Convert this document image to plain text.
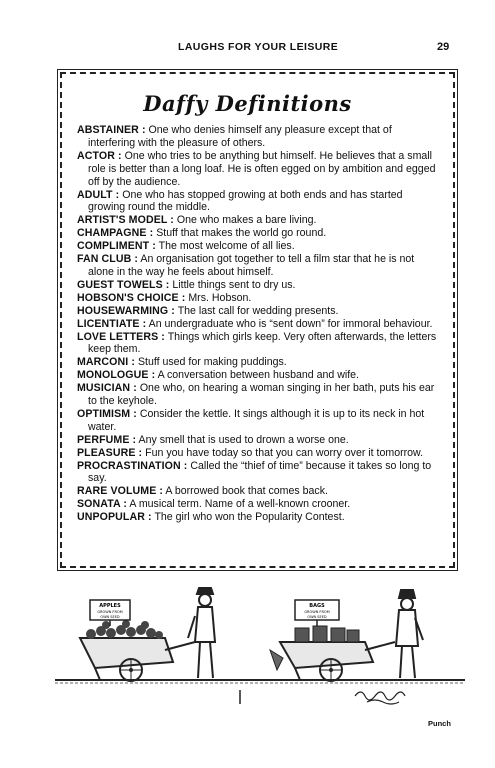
LAUGHS FOR YOUR LEISURE	29
Daffy Definitions

ABSTAINER : One who denies himself any pleasure except that of interfering with the pleasure of others.

ACTOR : One who tries to be anything but himself. He believes that a small role is better than a long loaf. He is often egged on by ambition and egged off by the audience.

ADULT : One who has stopped growing at both ends and has started growing round the middle.

ARTIST'S MODEL : One who makes a bare living.

CHAMPAGNE : Stuff that makes the world go round.

COMPLIMENT : The most welcome of all lies.

FAN CLUB : An organisation got together to tell a film star that he is not alone in the way he feels about himself.

GUEST TOWELS : Little things sent to dry us.

HOBSON'S CHOICE : Mrs. Hobson.

HOUSEWARMING : The last call for wedding presents.

LICENTIATE : An undergraduate who is “sent down” for immoral behaviour.

LOVE LETTERS : Things which girls keep. Very often afterwards, the letters keep them.

MARCONI : Stuff used for making puddings.

MONOLOGUE : A conversation between husband and wife.

MUSICIAN : One who, on hearing a woman singing in her bath, puts his ear to the keyhole.

OPTIMISM : Consider the kettle. It sings although it is up to its neck in hot water.

PERFUME : Any smell that is used to drown a worse one.

PLEASURE : Fun you have today so that you can worry over it tomorrow.

PROCRASTINATION : Called the “thief of time” because it takes so long to say.

RARE VOLUME : A borrowed book that comes back.

SONATA : A musical term. Name of a well-known crooner.

UNPOPULAR : The girl who won the Popularity Contest.

APPLES
GROWN FROM
OWN SEED
BAGS
GROWN FROM
OWN SEED
Punch
